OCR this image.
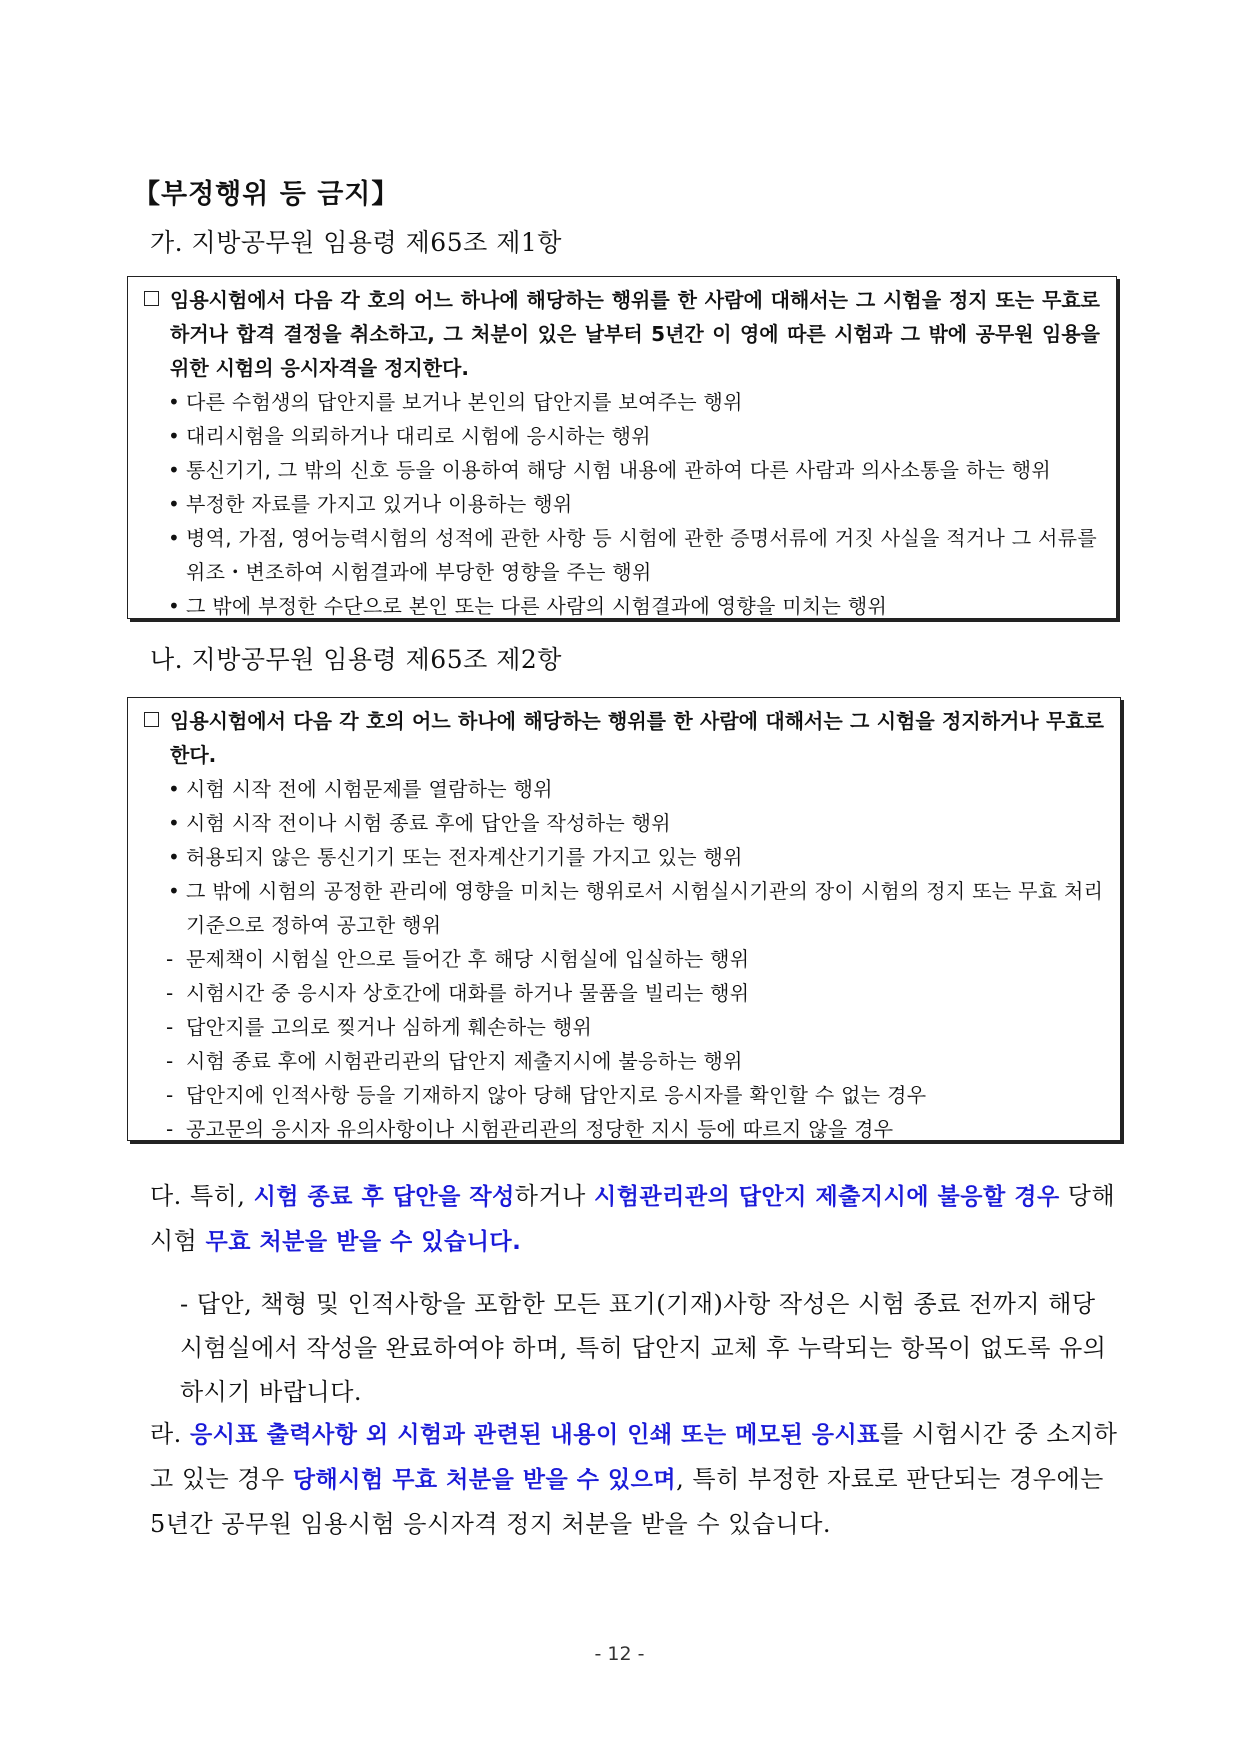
【부정행위 등 금지】
가. 지방공무원 임용령 제65조 제1항
임용시험에서 다음 각 호의 어느 하나에 해당하는 행위를 한 사람에 대해서는 그 시험을 정지 또는 무효로 하거나 합격 결정을 취소하고, 그 처분이 있은 날부터 5년간 이 영에 따른 시험과 그 밖에 공무원 임용을 위한 시험의 응시자격을 정지한다.
• 다른 수험생의 답안지를 보거나 본인의 답안지를 보여주는 행위
• 대리시험을 의뢰하거나 대리로 시험에 응시하는 행위
• 통신기기, 그 밖의 신호 등을 이용하여 해당 시험 내용에 관하여 다른 사람과 의사소통을 하는 행위
• 부정한 자료를 가지고 있거나 이용하는 행위
• 병역, 가점, 영어능력시험의 성적에 관한 사항 등 시험에 관한 증명서류에 거짓 사실을 적거나 그 서류를 위조・변조하여 시험결과에 부당한 영향을 주는 행위
• 그 밖에 부정한 수단으로 본인 또는 다른 사람의 시험결과에 영향을 미치는 행위
나. 지방공무원 임용령 제65조 제2항
임용시험에서 다음 각 호의 어느 하나에 해당하는 행위를 한 사람에 대해서는 그 시험을 정지하거나 무효로 한다.
• 시험 시작 전에 시험문제를 열람하는 행위
• 시험 시작 전이나 시험 종료 후에 답안을 작성하는 행위
• 허용되지 않은 통신기기 또는 전자계산기기를 가지고 있는 행위
• 그 밖에 시험의 공정한 관리에 영향을 미치는 행위로서 시험실시기관의 장이 시험의 정지 또는 무효 처리기준으로 정하여 공고한 행위
- 문제책이 시험실 안으로 들어간 후 해당 시험실에 입실하는 행위
- 시험시간 중 응시자 상호간에 대화를 하거나 물품을 빌리는 행위
- 답안지를 고의로 찢거나 심하게 훼손하는 행위
- 시험 종료 후에 시험관리관의 답안지 제출지시에 불응하는 행위
- 답안지에 인적사항 등을 기재하지 않아 당해 답안지로 응시자를 확인할 수 없는 경우
- 공고문의 응시자 유의사항이나 시험관리관의 정당한 지시 등에 따르지 않을 경우
다. 특히, 시험 종료 후 답안을 작성하거나 시험관리관의 답안지 제출지시에 불응할 경우 당해시험 무효 처분을 받을 수 있습니다.
- 답안, 책형 및 인적사항을 포함한 모든 표기(기재)사항 작성은 시험 종료 전까지 해당 시험실에서 작성을 완료하여야 하며, 특히 답안지 교체 후 누락되는 항목이 없도록 유의하시기 바랍니다.
라. 응시표 출력사항 외 시험과 관련된 내용이 인쇄 또는 메모된 응시표를 시험시간 중 소지하고 있는 경우 당해시험 무효 처분을 받을 수 있으며, 특히 부정한 자료로 판단되는 경우에는 5년간 공무원 임용시험 응시자격 정지 처분을 받을 수 있습니다.
- 12 -
